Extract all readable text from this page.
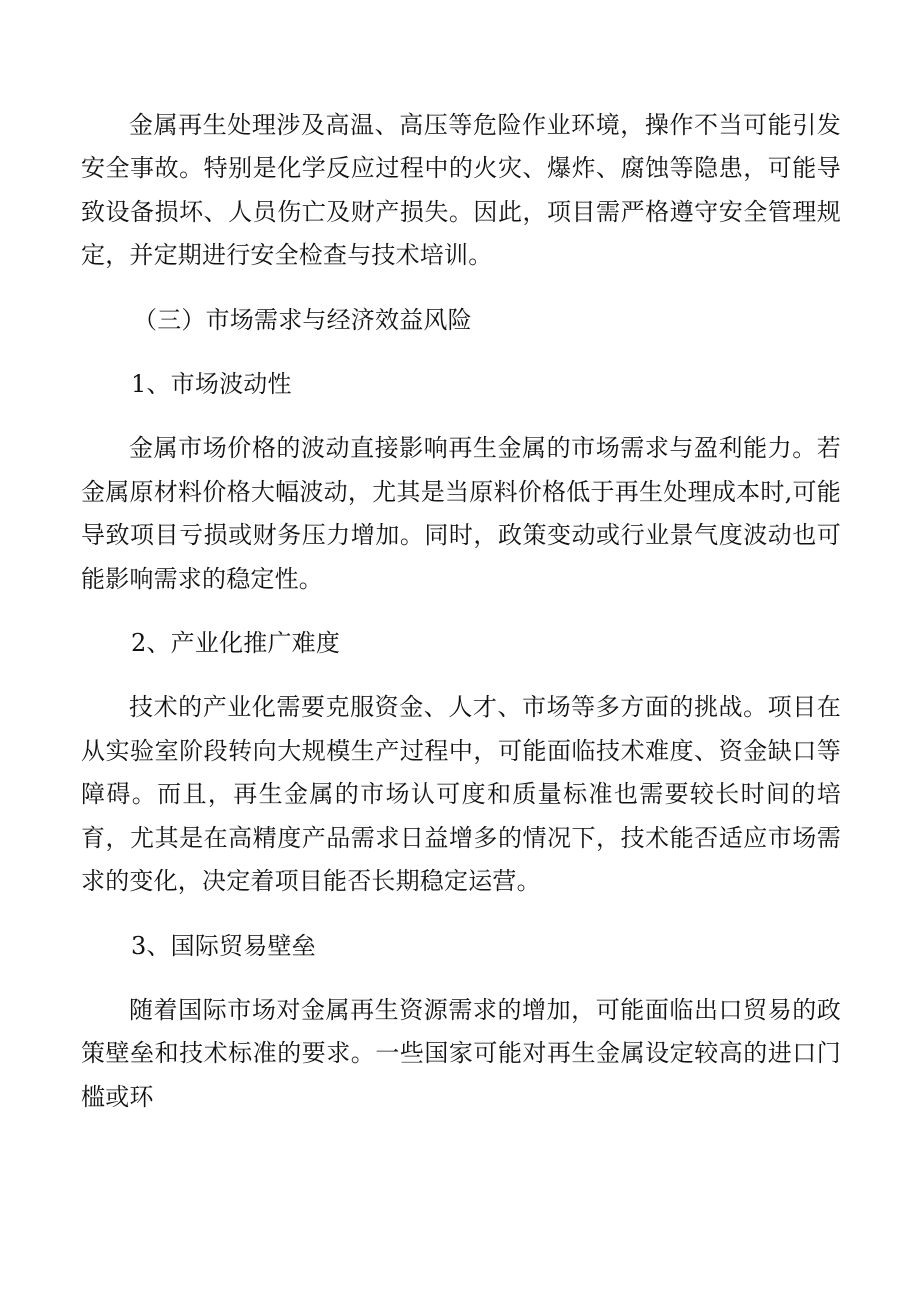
金属再生处理涉及高温、高压等危险作业环境，操作不当可能引发安全事故。特别是化学反应过程中的火灾、爆炸、腐蚀等隐患，可能导致设备损坏、人员伤亡及财产损失。因此，项目需严格遵守安全管理规定，并定期进行安全检查与技术培训。

（三）市场需求与经济效益风险

1、市场波动性

金属市场价格的波动直接影响再生金属的市场需求与盈利能力。若金属原材料价格大幅波动，尤其是当原料价格低于再生处理成本时,可能导致项目亏损或财务压力增加。同时，政策变动或行业景气度波动也可能影响需求的稳定性。

2、产业化推广难度

技术的产业化需要克服资金、人才、市场等多方面的挑战。项目在从实验室阶段转向大规模生产过程中，可能面临技术难度、资金缺口等障碍。而且，再生金属的市场认可度和质量标准也需要较长时间的培育，尤其是在高精度产品需求日益增多的情况下，技术能否适应市场需求的变化，决定着项目能否长期稳定运营。

3、国际贸易壁垒

随着国际市场对金属再生资源需求的增加，可能面临出口贸易的政策壁垒和技术标准的要求。一些国家可能对再生金属设定较高的进口门槛或环
